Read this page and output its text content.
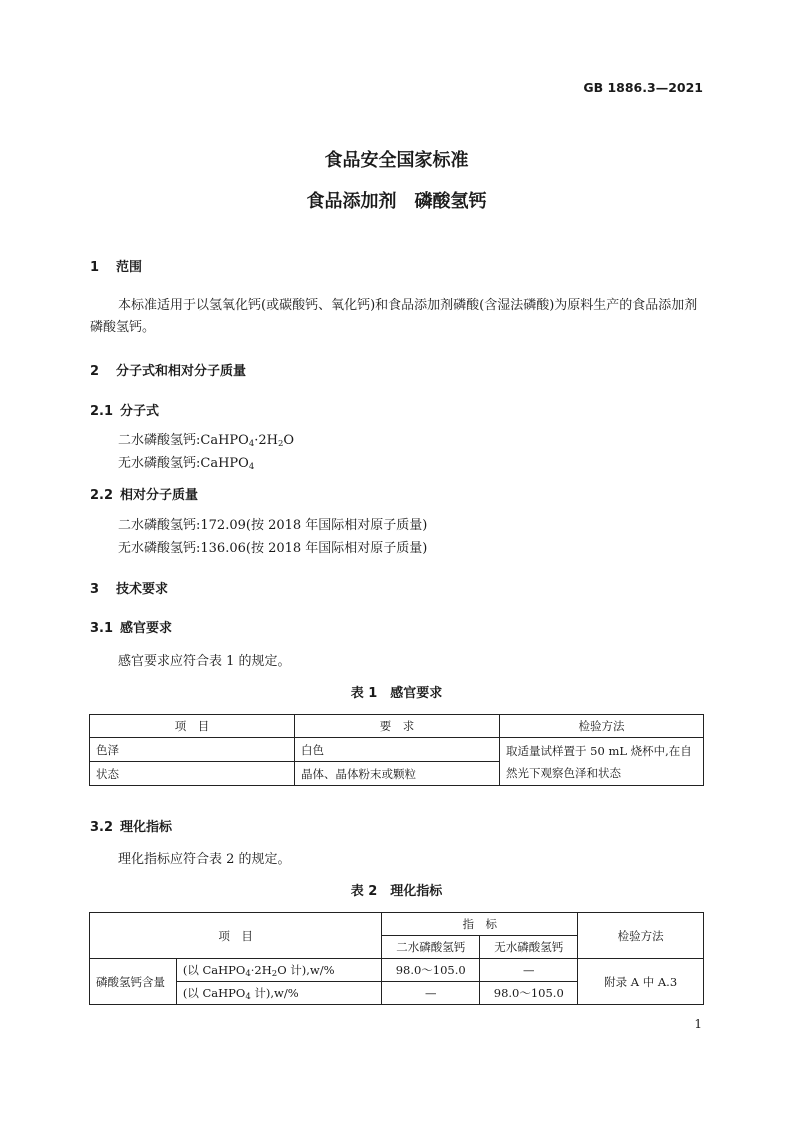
GB 1886.3—2021
食品安全国家标准
食品添加剂　磷酸氢钙
1 范围
本标准适用于以氢氧化钙(或碳酸钙、氧化钙)和食品添加剂磷酸(含湿法磷酸)为原料生产的食品添加剂磷酸氢钙。
2 分子式和相对分子质量
2.1 分子式
二水磷酸氢钙$:CaHPO_4\cdot 2H_2O$
无水磷酸氢钙:CaHPO$_4$
2.2 相对分子质量
二水磷酸氢钙:172.09(按 2018 年国际相对原子质量)
无水磷酸氢钙:136.06(按 2018 年国际相对原子质量)
3 技术要求
3.1 感官要求
感官要求应符合表 1 的规定。
表 1　感官要求
项　目	要　求	检验方法
色泽	白色	取适量试样置于 50 mL 烧杯中,在自然光下观察色泽和状态
状态	晶体、晶体粉末或颗粒	
3.2 理化指标
理化指标应符合表 2 的规定。
表 2　理化指标
项　目		指　标		检验方法
		二水磷酸氢钙	无水磷酸氢钙	
磷酸氢钙含量	(以 $CaHPO_4\cdot 2H_2O$ 计),w/%	98.0～105.0	—	附录 A 中 A.3
	(以 CaHPO$_4$ 计),w/%	—	98.0～105.0	
1
